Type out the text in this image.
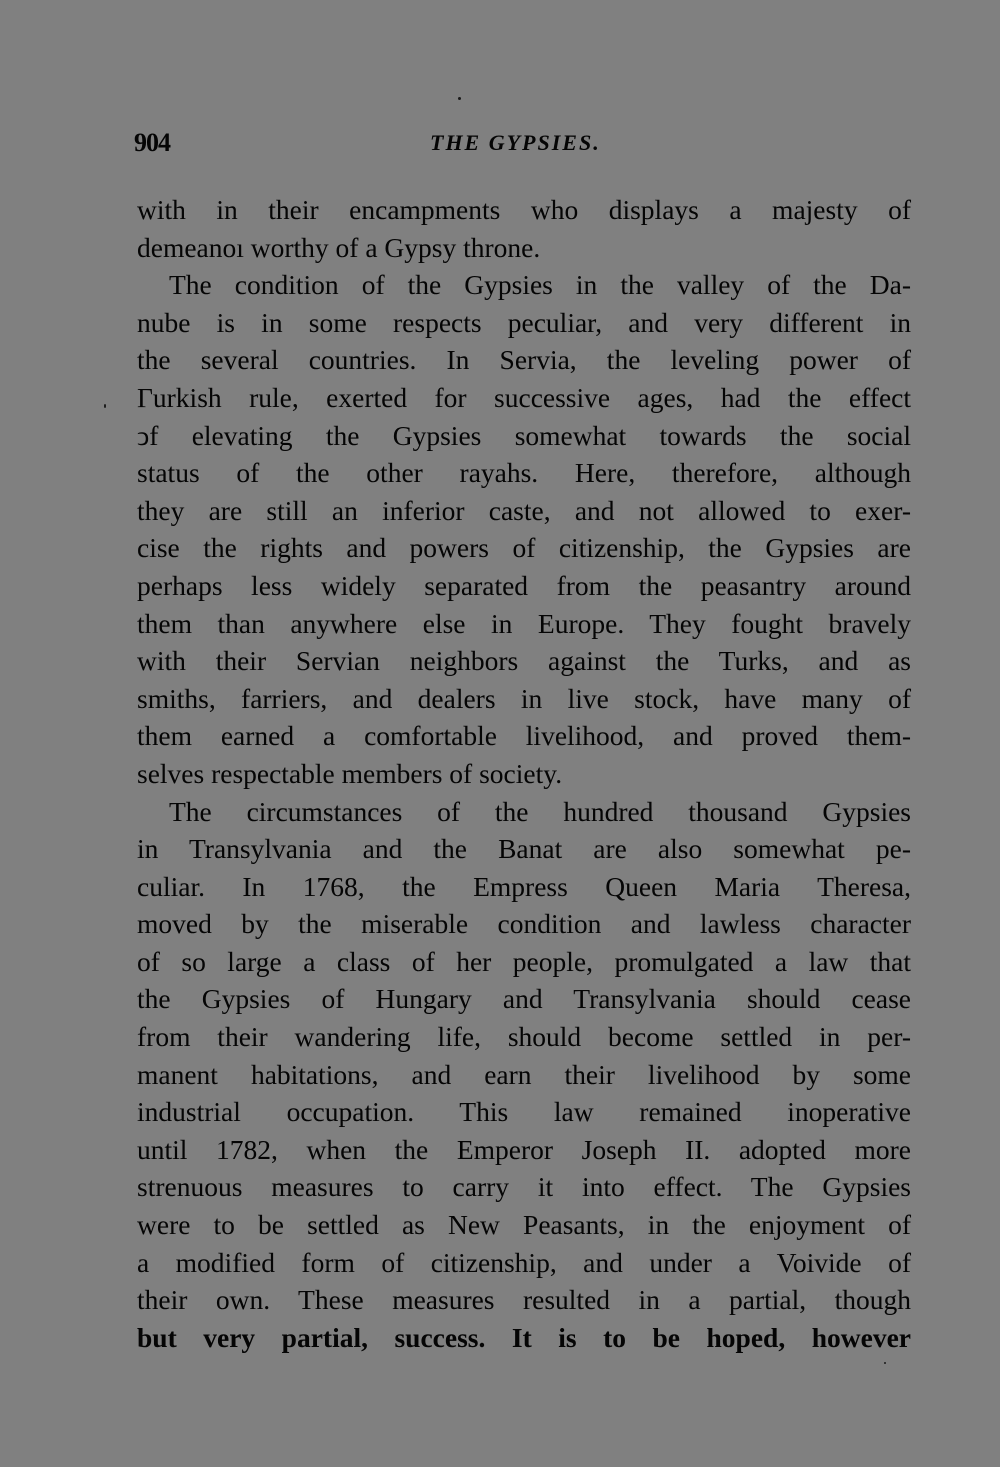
904	THE GYPSIES.
with in their encampments who displays a majesty of
demeanoı worthy of a Gypsy throne.
The condition of the Gypsies in the valley of the Da-
nube is in some respects peculiar, and very different in
the several countries. In Servia, the leveling power of
Γurkish rule, exerted for successive ages, had the effect
ↄf elevating the Gypsies somewhat towards the social
status of the other rayahs. Here, therefore, although
they are still an inferior caste, and not allowed to exer-
cise the rights and powers of citizenship, the Gypsies are
perhaps less widely separated from the peasantry around
them than anywhere else in Europe. They fought bravely
with their Servian neighbors against the Turks, and as
smiths, farriers, and dealers in live stock, have many of
them earned a comfortable livelihood, and proved them-
selves respectable members of society.
The circumstances of the hundred thousand Gypsies
in Transylvania and the Banat are also somewhat pe-
culiar. In 1768, the Empress Queen Maria Theresa,
moved by the miserable condition and lawless character
of so large a class of her people, promulgated a law that
the Gypsies of Hungary and Transylvania should cease
from their wandering life, should become settled in per-
manent habitations, and earn their livelihood by some
industrial occupation. This law remained inoperative
until 1782, when the Emperor Joseph II. adopted more
strenuous measures to carry it into effect. The Gypsies
were to be settled as New Peasants, in the enjoyment of
a modified form of citizenship, and under a Voivide of
their own. These measures resulted in a partial, though
but very partial, success. It is to be hoped, however
